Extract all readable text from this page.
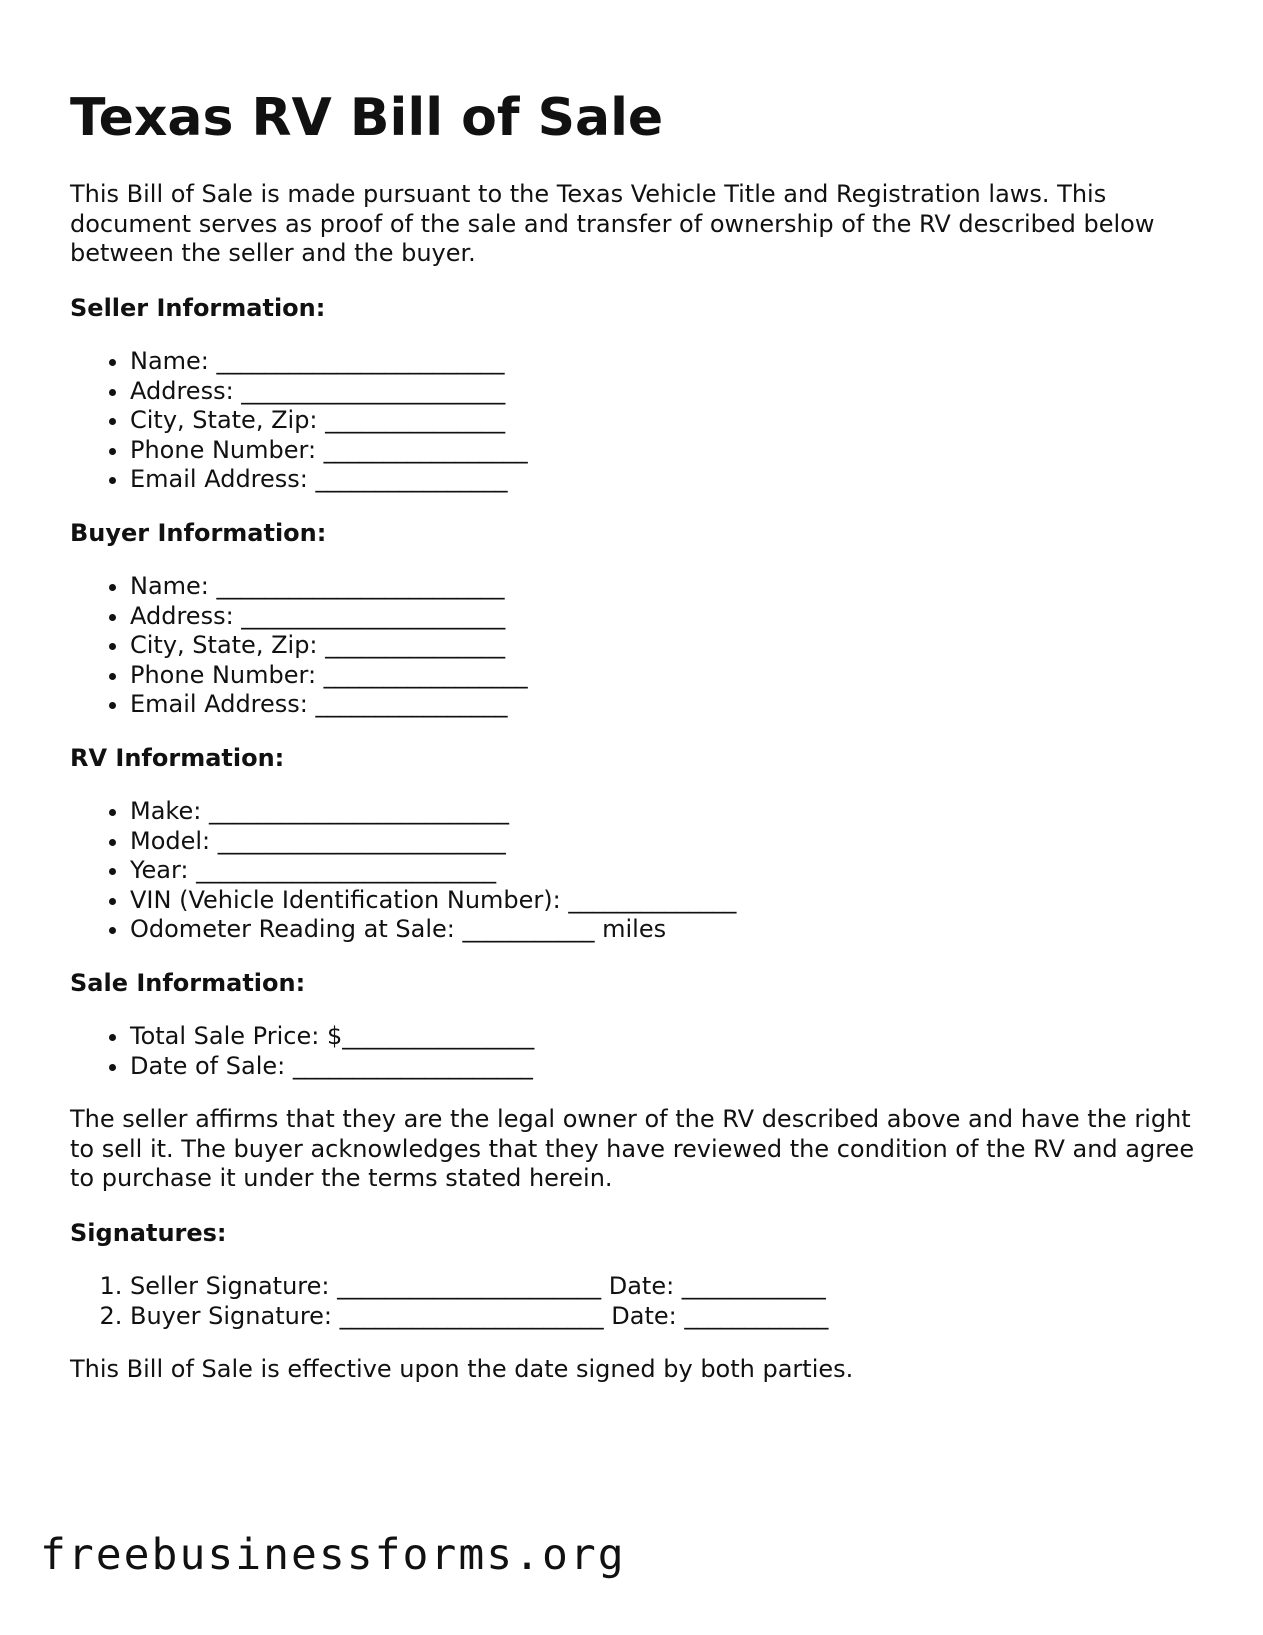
Texas RV Bill of Sale

This Bill of Sale is made pursuant to the Texas Vehicle Title and Registration laws. This document serves as proof of the sale and transfer of ownership of the RV described below between the seller and the buyer.

Seller Information:
• Name: ________________________
• Address: ______________________
• City, State, Zip: _______________
• Phone Number: _________________
• Email Address: ________________
Buyer Information:
• Name: ________________________
• Address: ______________________
• City, State, Zip: _______________
• Phone Number: _________________
• Email Address: ________________
RV Information:
• Make: _________________________
• Model: ________________________
• Year: _________________________
• VIN (Vehicle Identification Number): ______________
• Odometer Reading at Sale: ___________ miles
Sale Information:
• Total Sale Price: $________________
• Date of Sale: ____________________

The seller affirms that they are the legal owner of the RV described above and have the right to sell it. The buyer acknowledges that they have reviewed the condition of the RV and agree to purchase it under the terms stated herein.

Signatures:
1. Seller Signature: ______________________ Date: ____________
2. Buyer Signature: ______________________ Date: ____________

This Bill of Sale is effective upon the date signed by both parties.

freebusinessforms.org
